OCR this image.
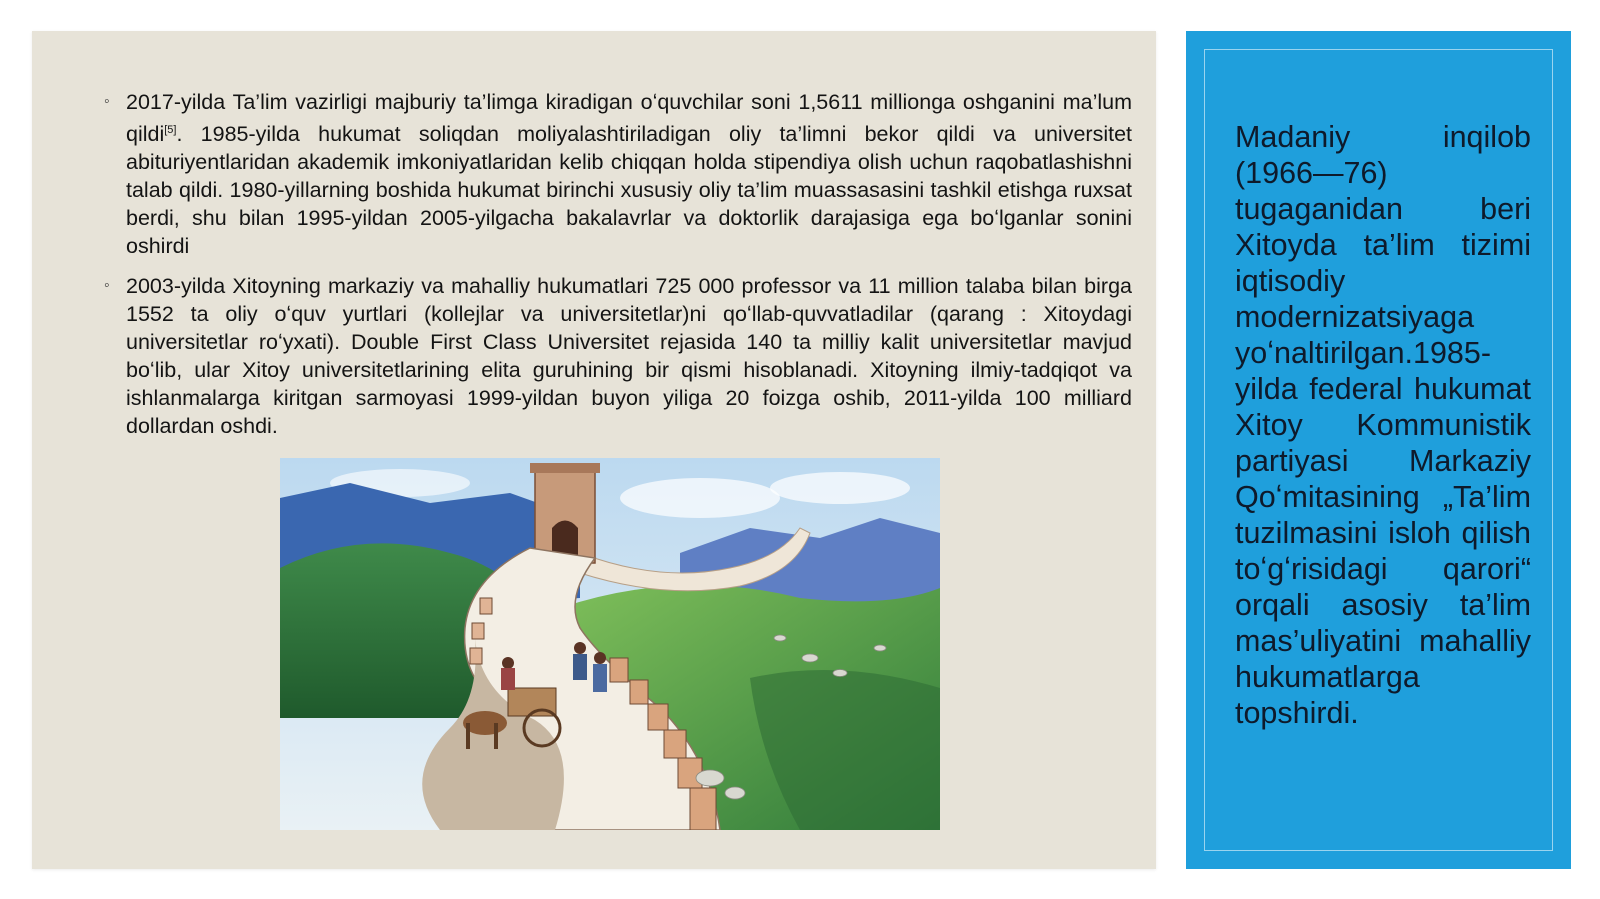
◦ 2017-yilda Ta’lim vazirligi majburiy ta’limga kiradigan oʻquvchilar soni 1,5611 millionga oshganini ma’lum qildi[5]. 1985-yilda hukumat soliqdan moliyalashtiriladigan oliy ta’limni bekor qildi va universitet abituriyentlaridan akademik imkoniyatlaridan kelib chiqqan holda stipendiya olish uchun raqobatlashishni talab qildi. 1980-yillarning boshida hukumat birinchi xususiy oliy ta’lim muassasasini tashkil etishga ruxsat berdi, shu bilan 1995-yildan 2005-yilgacha bakalavrlar va doktorlik darajasiga ega boʻlganlar sonini oshirdi
◦ 2003-yilda Xitoyning markaziy va mahalliy hukumatlari 725 000 professor va 11 million talaba bilan birga 1552 ta oliy oʻquv yurtlari (kollejlar va universitetlar)ni qoʻllab-quvvatladilar (qarang : Xitoydagi universitetlar roʻyxati). Double First Class Universitet rejasida 140 ta milliy kalit universitetlar mavjud boʻlib, ular Xitoy universitetlarining elita guruhining bir qismi hisoblanadi. Xitoyning ilmiy-tadqiqot va ishlanmalarga kiritgan sarmoyasi 1999-yildan buyon yiliga 20 foizga oshib, 2011-yilda 100 milliard dollardan oshdi.
Madaniy inqilob (1966—76) tugaganidan beri Xitoyda ta’lim tizimi iqtisodiy modernizatsiyaga yoʻnaltirilgan.1985-yilda federal hukumat Xitoy Kommunistik partiyasi Markaziy Qoʻmitasining „Ta’lim tuzilmasini isloh qilish toʻgʻrisidagi qarori“ orqali asosiy ta’lim mas’uliyatini mahalliy hukumatlarga topshirdi.
